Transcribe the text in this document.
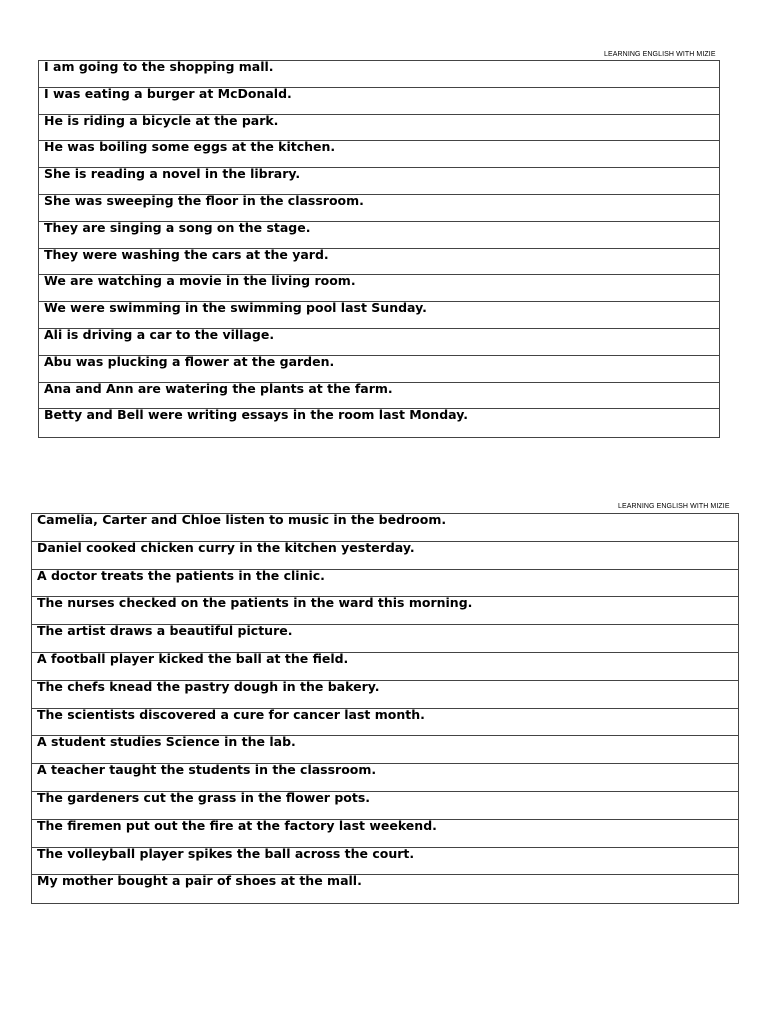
LEARNING ENGLISH WITH MIZIE
I am going to the shopping mall.
I was eating a burger at McDonald.
He is riding a bicycle at the park.
He was boiling some eggs at the kitchen.
She is reading a novel in the library.
She was sweeping the floor in the classroom.
They are singing a song on the stage.
They were washing the cars at the yard.
We are watching a movie in the living room.
We were swimming in the swimming pool last Sunday.
Ali is driving a car to the village.
Abu was plucking a flower at the garden.
Ana and Ann are watering the plants at the farm.
Betty and Bell were writing essays in the room last Monday.
LEARNING ENGLISH WITH MIZIE
Camelia, Carter and Chloe listen to music in the bedroom.
Daniel cooked chicken curry in the kitchen yesterday.
A doctor treats the patients in the clinic.
The nurses checked on the patients in the ward this morning.
The artist draws a beautiful picture.
A football player kicked the ball at the field.
The chefs knead the pastry dough in the bakery.
The scientists discovered a cure for cancer last month.
A student studies Science in the lab.
A teacher taught the students in the classroom.
The gardeners cut the grass in the flower pots.
The firemen put out the fire at the factory last weekend.
The volleyball player spikes the ball across the court.
My mother bought a pair of shoes at the mall.
